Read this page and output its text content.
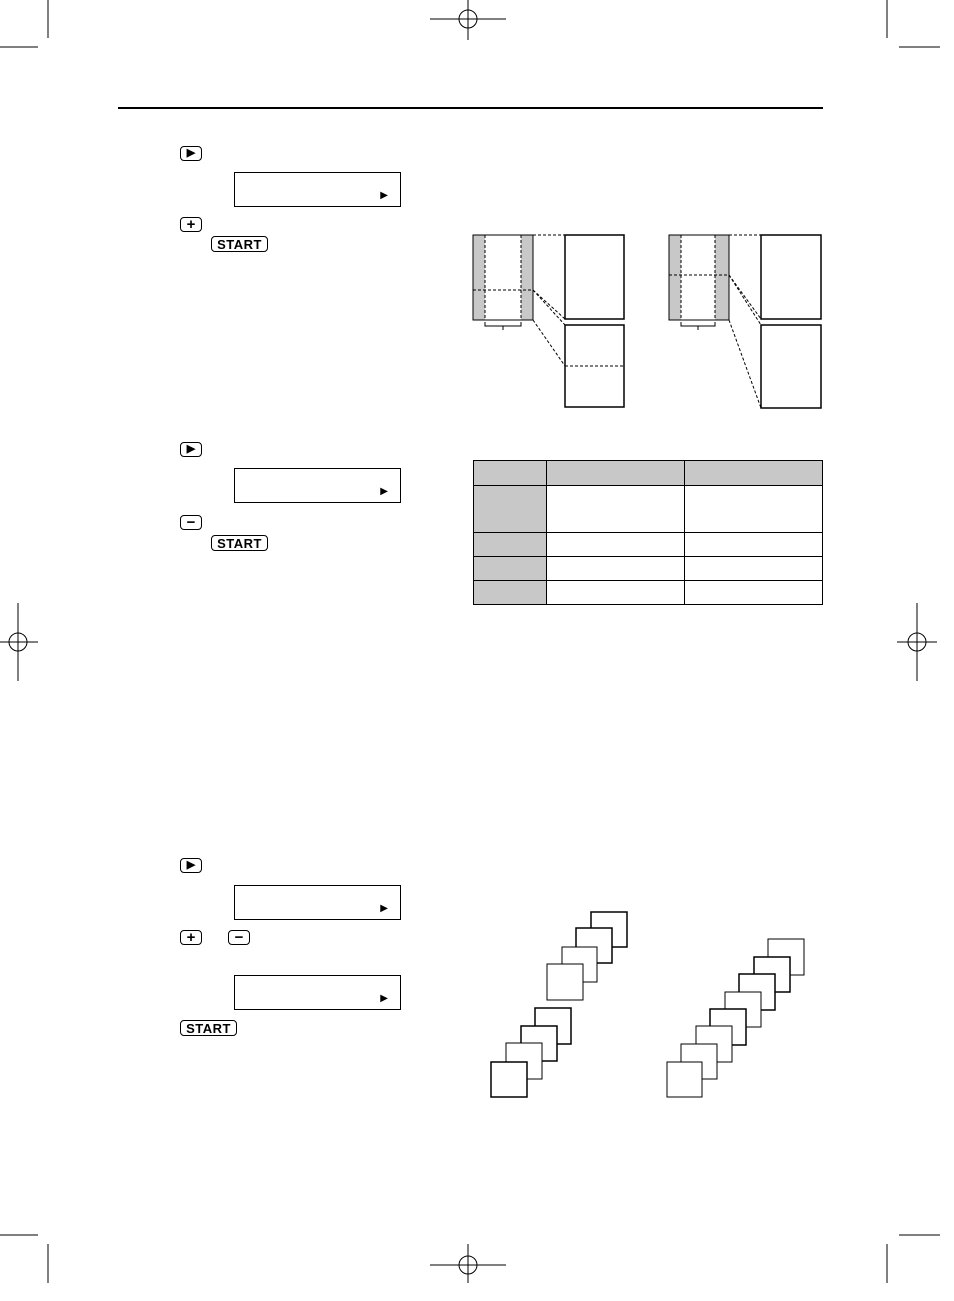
▶
▶
+
START
▶
▶
−
START

▶
▶
+	−
▶
START
